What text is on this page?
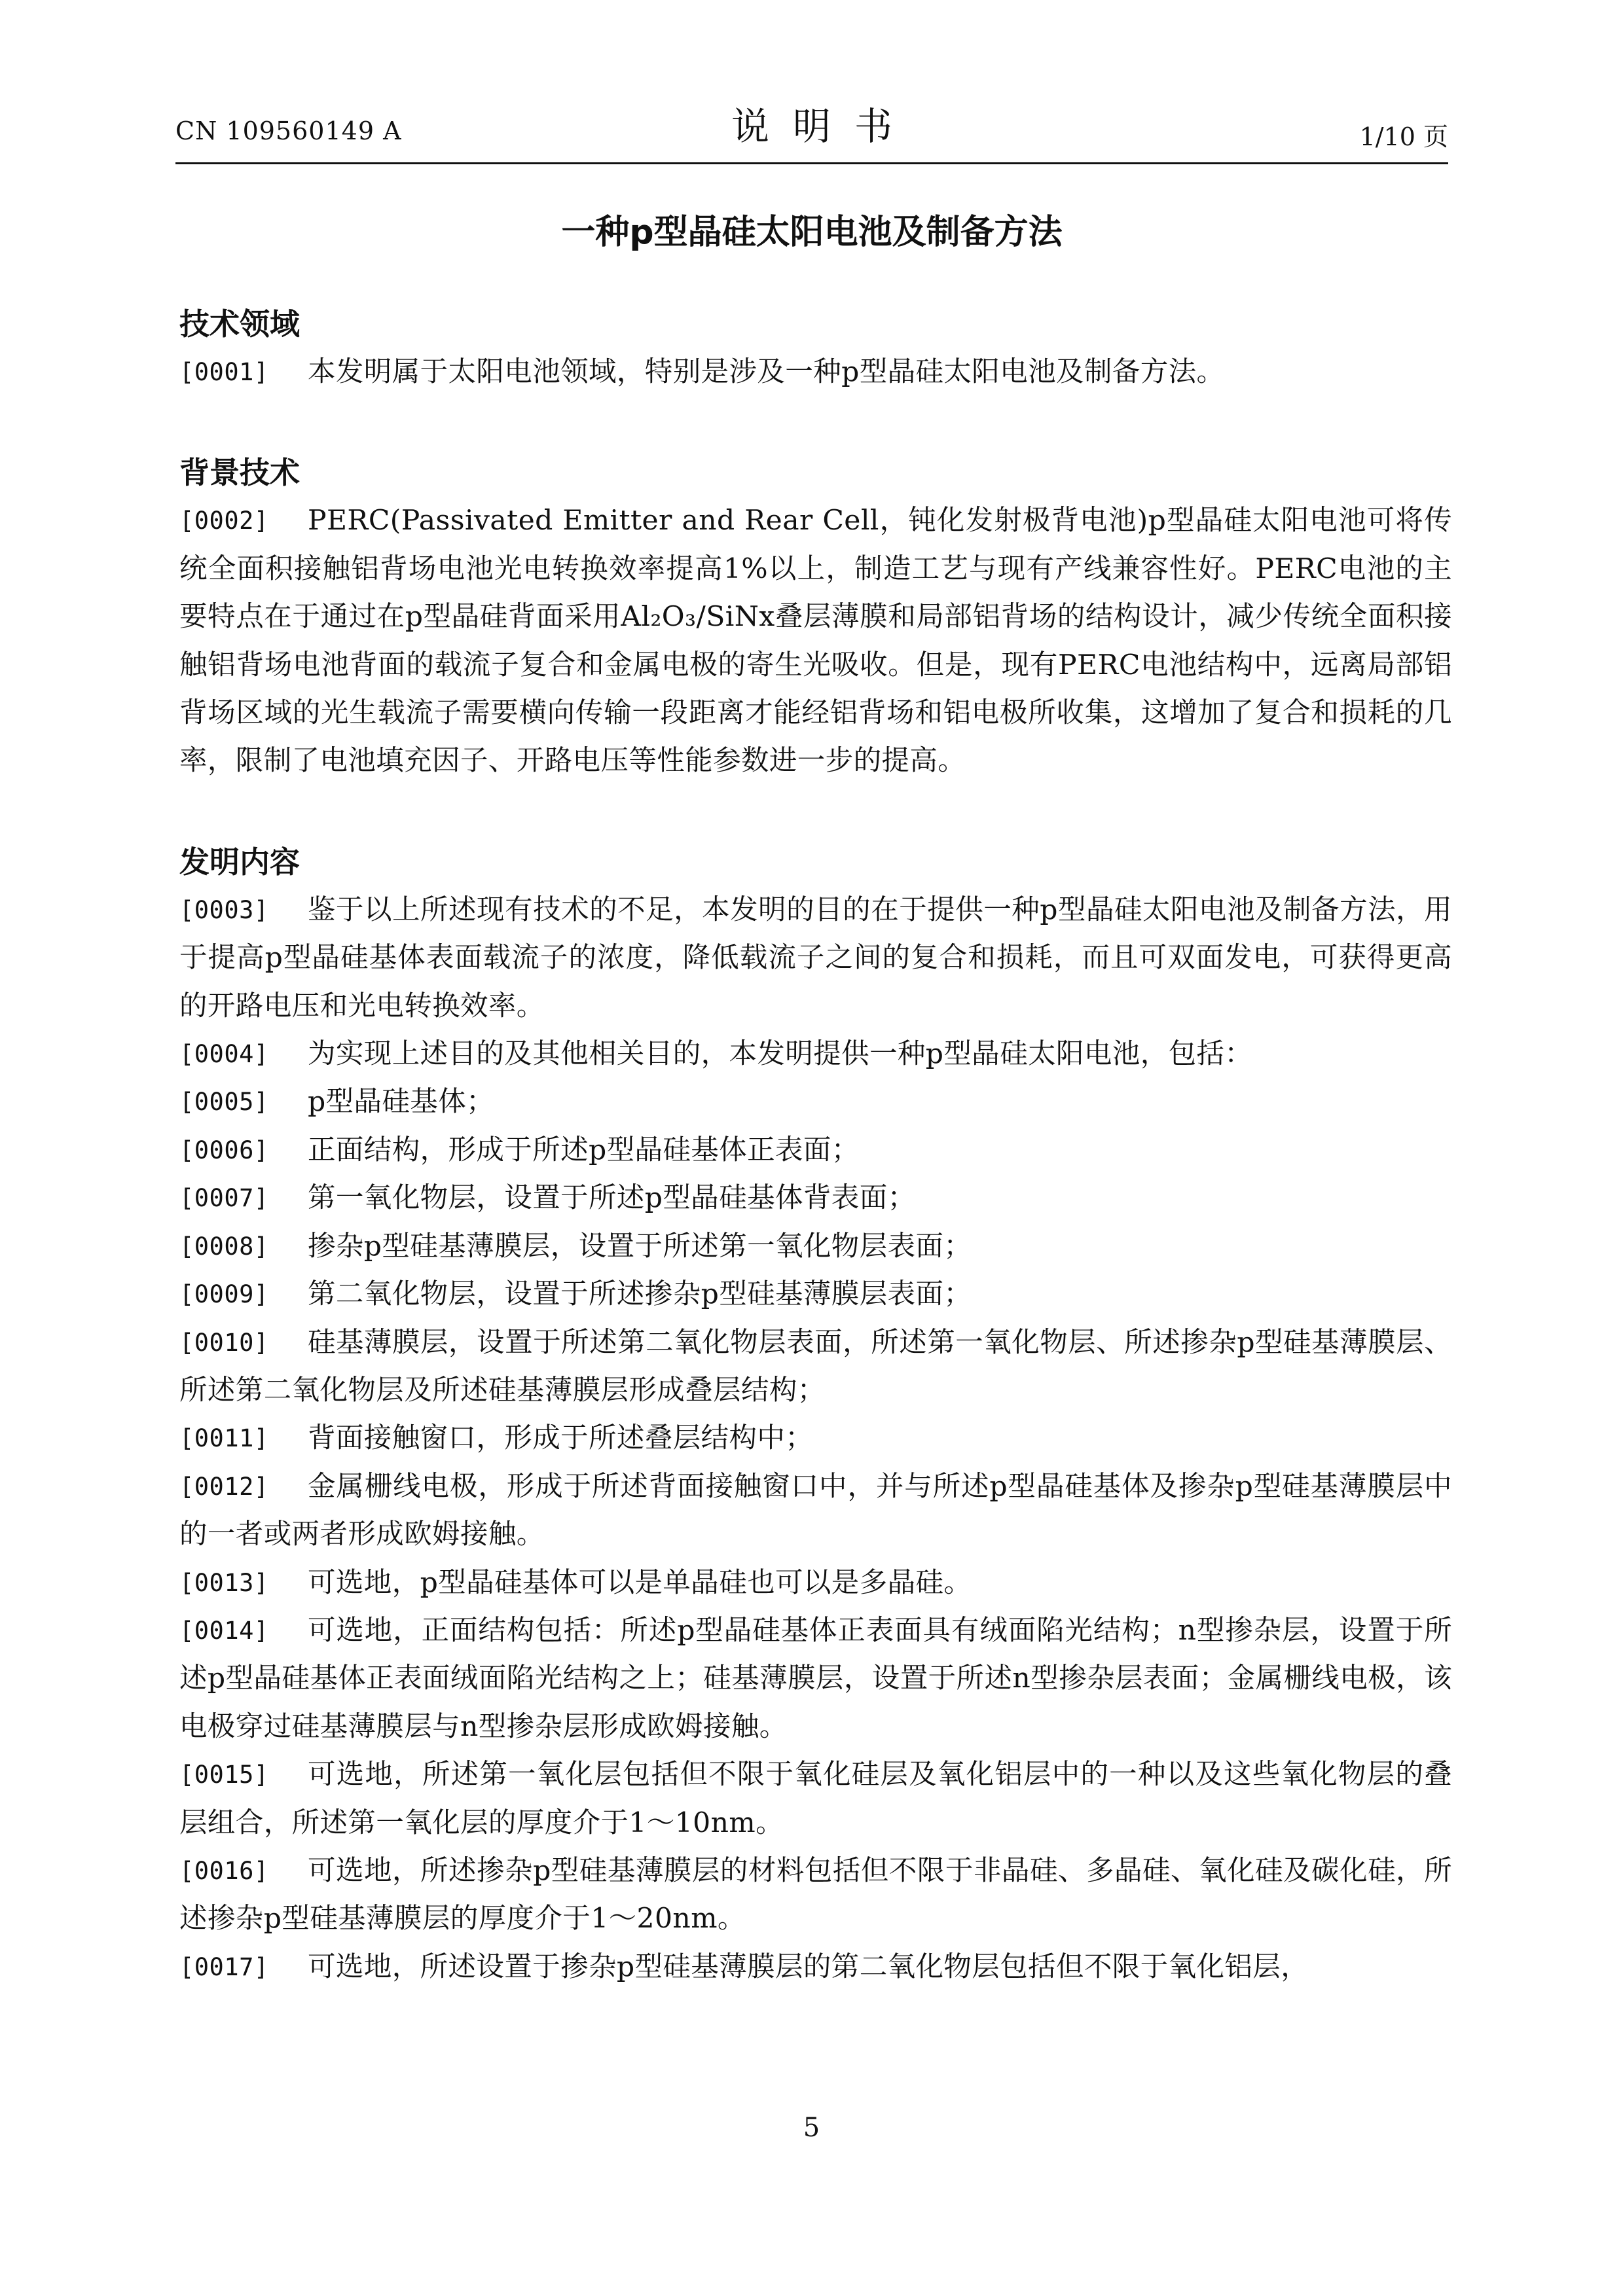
CN 109560149 A	说明书	1/10 页
一种p型晶硅太阳电池及制备方法
技术领域

[0001]	本发明属于太阳电池领域，特别是涉及一种p型晶硅太阳电池及制备方法。

背景技术

[0002]	PERC(Passivated Emitter and Rear Cell，钝化发射极背电池)p型晶硅太阳电池可将传统全面积接触铝背场电池光电转换效率提高1%以上，制造工艺与现有产线兼容性好。PERC电池的主要特点在于通过在p型晶硅背面采用Al₂O₃/SiNx叠层薄膜和局部铝背场的结构设计，减少传统全面积接触铝背场电池背面的载流子复合和金属电极的寄生光吸收。但是，现有PERC电池结构中，远离局部铝背场区域的光生载流子需要横向传输一段距离才能经铝背场和铝电极所收集，这增加了复合和损耗的几率，限制了电池填充因子、开路电压等性能参数进一步的提高。

发明内容

[0003]	鉴于以上所述现有技术的不足，本发明的目的在于提供一种p型晶硅太阳电池及制备方法，用于提高p型晶硅基体表面载流子的浓度，降低载流子之间的复合和损耗，而且可双面发电，可获得更高的开路电压和光电转换效率。

[0004]	为实现上述目的及其他相关目的，本发明提供一种p型晶硅太阳电池，包括：

[0005]	p型晶硅基体；

[0006]	正面结构，形成于所述p型晶硅基体正表面；

[0007]	第一氧化物层，设置于所述p型晶硅基体背表面；

[0008]	掺杂p型硅基薄膜层，设置于所述第一氧化物层表面；

[0009]	第二氧化物层，设置于所述掺杂p型硅基薄膜层表面；

[0010]	硅基薄膜层，设置于所述第二氧化物层表面，所述第一氧化物层、所述掺杂p型硅基薄膜层、所述第二氧化物层及所述硅基薄膜层形成叠层结构；

[0011]	背面接触窗口，形成于所述叠层结构中；

[0012]	金属栅线电极，形成于所述背面接触窗口中，并与所述p型晶硅基体及掺杂p型硅基薄膜层中的一者或两者形成欧姆接触。

[0013]	可选地，p型晶硅基体可以是单晶硅也可以是多晶硅。

[0014]	可选地，正面结构包括：所述p型晶硅基体正表面具有绒面陷光结构；n型掺杂层，设置于所述p型晶硅基体正表面绒面陷光结构之上；硅基薄膜层，设置于所述n型掺杂层表面；金属栅线电极，该电极穿过硅基薄膜层与n型掺杂层形成欧姆接触。

[0015]	可选地，所述第一氧化层包括但不限于氧化硅层及氧化铝层中的一种以及这些氧化物层的叠层组合，所述第一氧化层的厚度介于1～10nm。

[0016]	可选地，所述掺杂p型硅基薄膜层的材料包括但不限于非晶硅、多晶硅、氧化硅及碳化硅，所述掺杂p型硅基薄膜层的厚度介于1～20nm。

[0017]	可选地，所述设置于掺杂p型硅基薄膜层的第二氧化物层包括但不限于氧化铝层，

5
